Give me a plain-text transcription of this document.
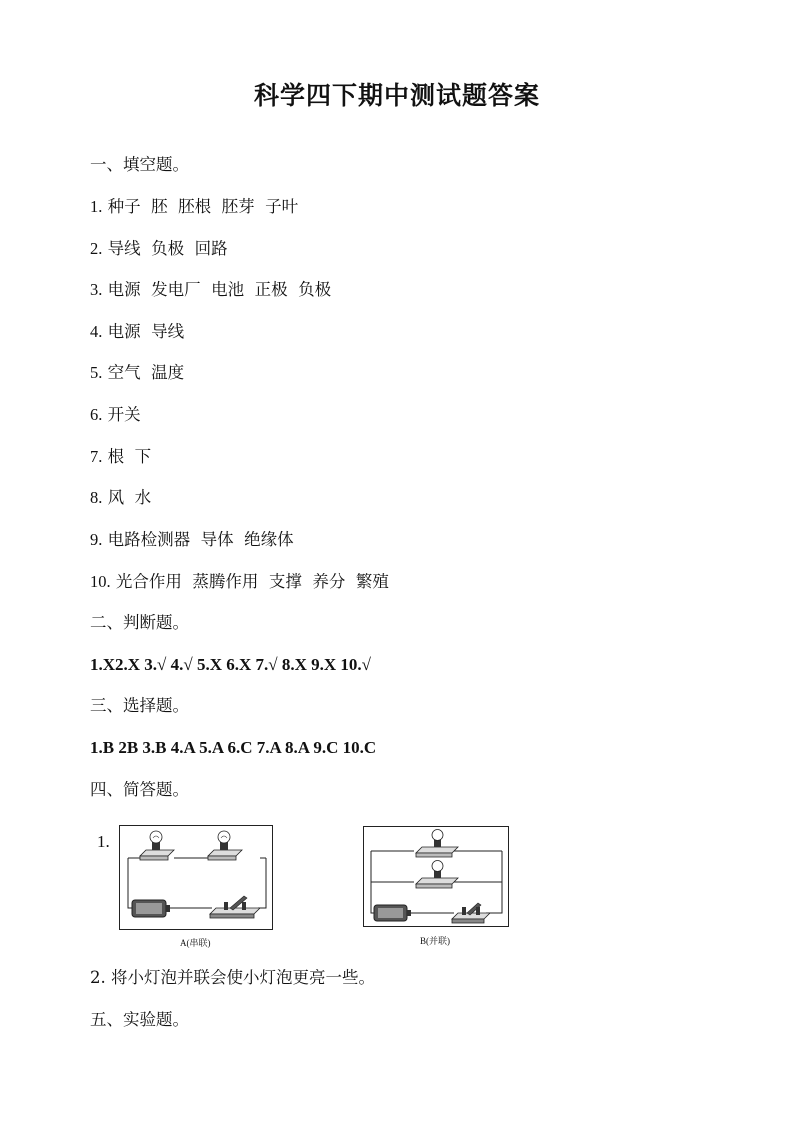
科学四下期中测试题答案
一、填空题。
1. 种子  胚  胚根  胚芽  子叶
2. 导线  负极  回路
3. 电源  发电厂  电池  正极  负极
4. 电源  导线
5. 空气  温度
6. 开关
7. 根  下
8. 风  水
9. 电路检测器  导体  绝缘体
10. 光合作用  蒸腾作用  支撑  养分  繁殖
二、判断题。
1.X2.X 3.√ 4.√ 5.X 6.X 7.√ 8.X 9.X 10.√
三、选择题。
1.B 2B 3.B 4.A 5.A 6.C 7.A 8.A 9.C 10.C
四、简答题。
1.
A(串联)	B(并联)
2. 将小灯泡并联会使小灯泡更亮一些。
五、实验题。
